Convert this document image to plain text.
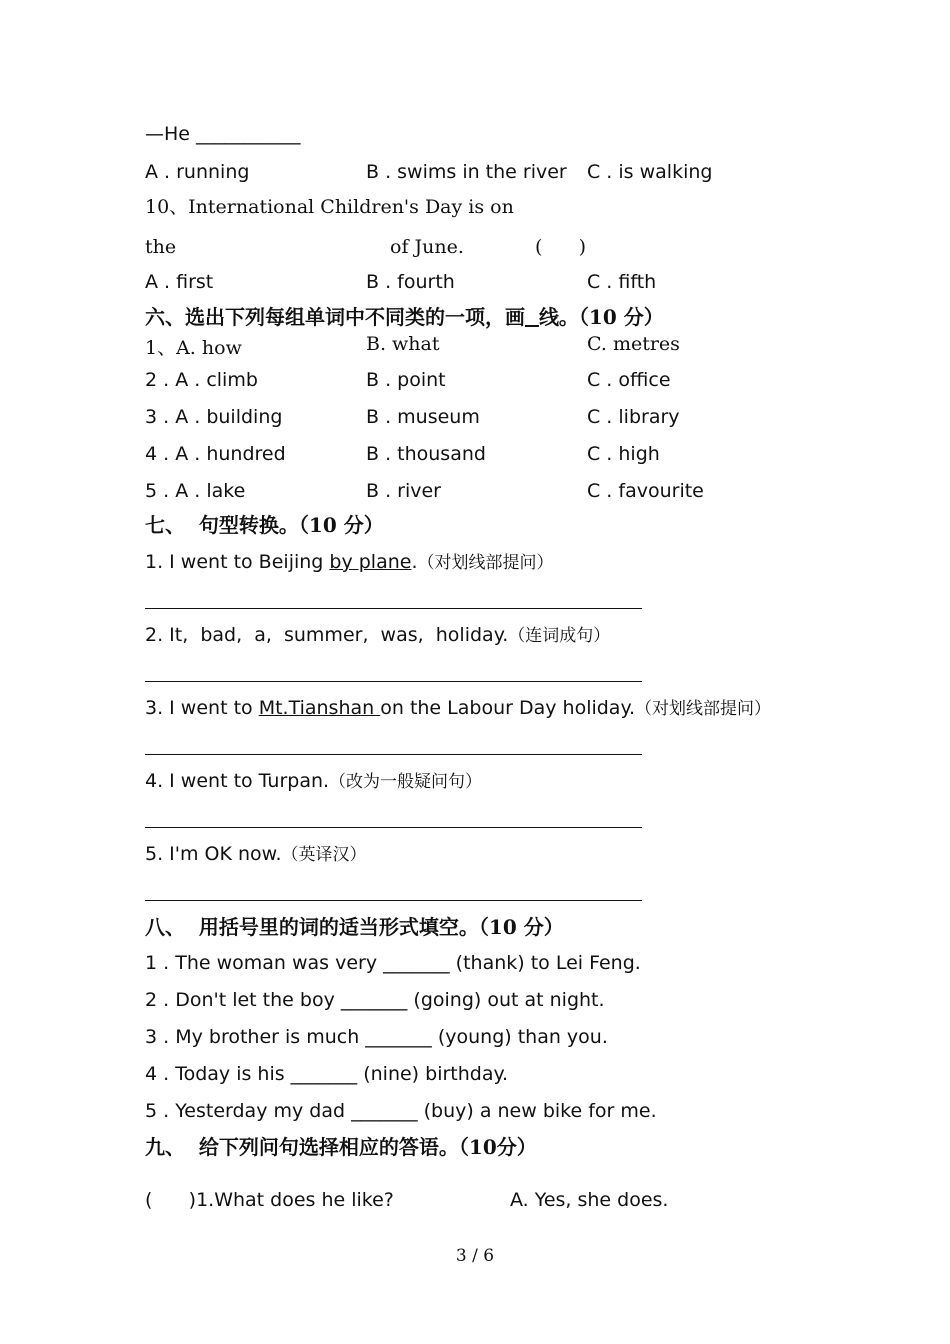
—He ___________
A . running	B . swims in the river C . is walking
10、International Children's Day is on
the	of June.	(      )
A . first	B . fourth	C . fifth
六、选出下列每组单词中不同类的一项，画 线。（10 分）
1、A. how	B. what	C. metres
2 . A . climb	B . point	C . office
3 . A . building	B . museum	C . library
4 . A . hundred	B . thousand	C . high
5 . A . lake	B . river	C . favourite
七、  句型转换。（10 分）
1. I went to Beijing by plane.（对划线部提问）
2. It,  bad,  a,  summer,  was,  holiday.（连词成句）
3. I went to Mt.Tianshan on the Labour Day holiday.（对划线部提问）
4. I went to Turpan.（改为一般疑问句）
5. I'm OK now.（英译汉）
八、  用括号里的词的适当形式填空。（10 分）
1 . The woman was very _______ (thank) to Lei Feng.
2 . Don't let the boy _______ (going) out at night.
3 . My brother is much _______ (young) than you.
4 . Today is his _______ (nine) birthday.
5 . Yesterday my dad _______ (buy) a new bike for me.
九、  给下列问句选择相应的答语。（10分）
(      )1.What does he like?	A. Yes, she does.
3 / 6
